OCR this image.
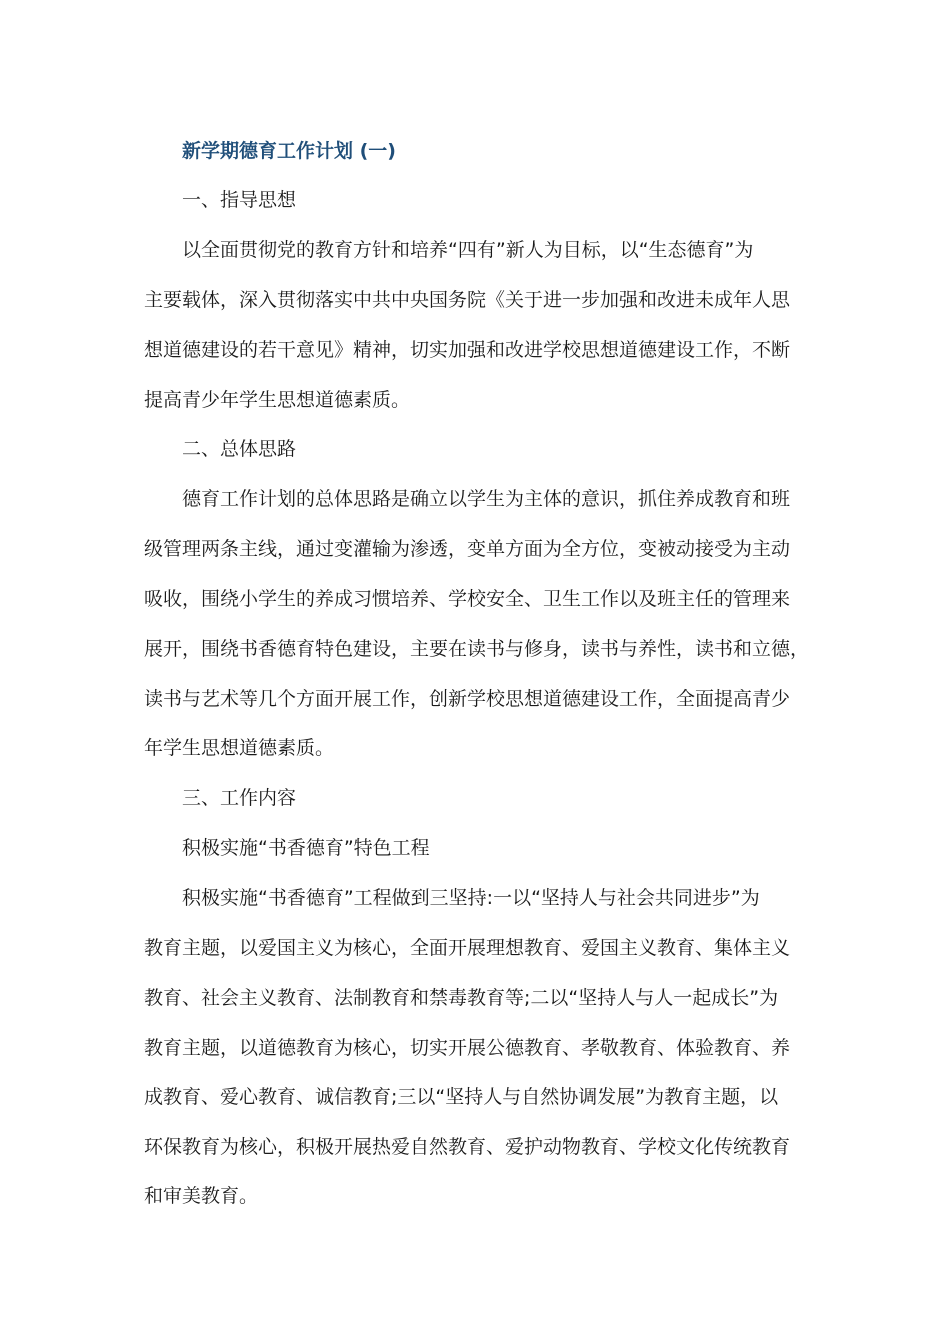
新学期德育工作计划 (一)
一、指导思想
以全面贯彻党的教育方针和培养“四有”新人为目标，以“生态德育”为
主要载体，深入贯彻落实中共中央国务院《关于进一步加强和改进未成年人思
想道德建设的若干意见》精神，切实加强和改进学校思想道德建设工作，不断
提高青少年学生思想道德素质。
二、总体思路
德育工作计划的总体思路是确立以学生为主体的意识，抓住养成教育和班
级管理两条主线，通过变灌输为渗透，变单方面为全方位，变被动接受为主动
吸收，围绕小学生的养成习惯培养、学校安全、卫生工作以及班主任的管理来
展开，围绕书香德育特色建设，主要在读书与修身，读书与养性，读书和立德，
读书与艺术等几个方面开展工作，创新学校思想道德建设工作，全面提高青少
年学生思想道德素质。
三、工作内容
积极实施“书香德育”特色工程
积极实施“书香德育”工程做到三坚持:一以“坚持人与社会共同进步”为
教育主题，以爱国主义为核心，全面开展理想教育、爱国主义教育、集体主义
教育、社会主义教育、法制教育和禁毒教育等;二以“坚持人与人一起成长”为
教育主题，以道德教育为核心，切实开展公德教育、孝敬教育、体验教育、养
成教育、爱心教育、诚信教育;三以“坚持人与自然协调发展”为教育主题，以
环保教育为核心，积极开展热爱自然教育、爱护动物教育、学校文化传统教育
和审美教育。
